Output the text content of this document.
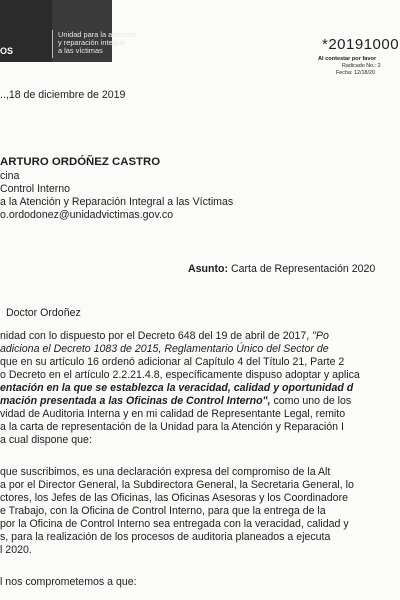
OS
Unidad para la atención
y reparación integral
a las víctimas	*20191000
Al contestar por favor
Radicado No.: 2
Fecha: 12/18/20
..,18 de diciembre de 2019
ARTURO ORDÓÑEZ CASTRO
cina
Control Interno
a la Atención y Reparación Integral a las Víctimas
o.ordodonez@unidadvictimas.gov.co
Asunto: Carta de Representación 2020
Doctor Ordoñez
nidad con lo dispuesto por el Decreto 648 del 19 de abril de 2017, "Po
adiciona el Decreto 1083 de 2015, Reglamentario Único del Sector de
que en su artículo 16 ordenó adicionar al Capítulo 4 del Título 21, Parte 2
o Decreto en el artículo 2.2.21.4.8, específicamente dispuso adoptar y aplica
entación en la que se establezca la veracidad, calidad y oportunidad d
mación presentada a las Oficinas de Control Interno", como uno de los
vidad de Auditoria Interna y en mi calidad de Representante Legal, remito
a la carta de representación de la Unidad para la Atención y Reparación I
a cual dispone que:
que suscribimos, es una declaración expresa del compromiso de la Alt
a por el Director General, la Subdirectora General, la Secretaria General, lo
ctores, los Jefes de las Oficinas, las Oficinas Asesoras y los Coordinadore
e Trabajo, con la Oficina de Control Interno, para que la entrega de la
por la Oficina de Control Interno sea entregada con la veracidad, calidad y
s, para la realización de los procesos de auditoria planeados a ejecuta
l 2020.
l nos comprometemos a que:
